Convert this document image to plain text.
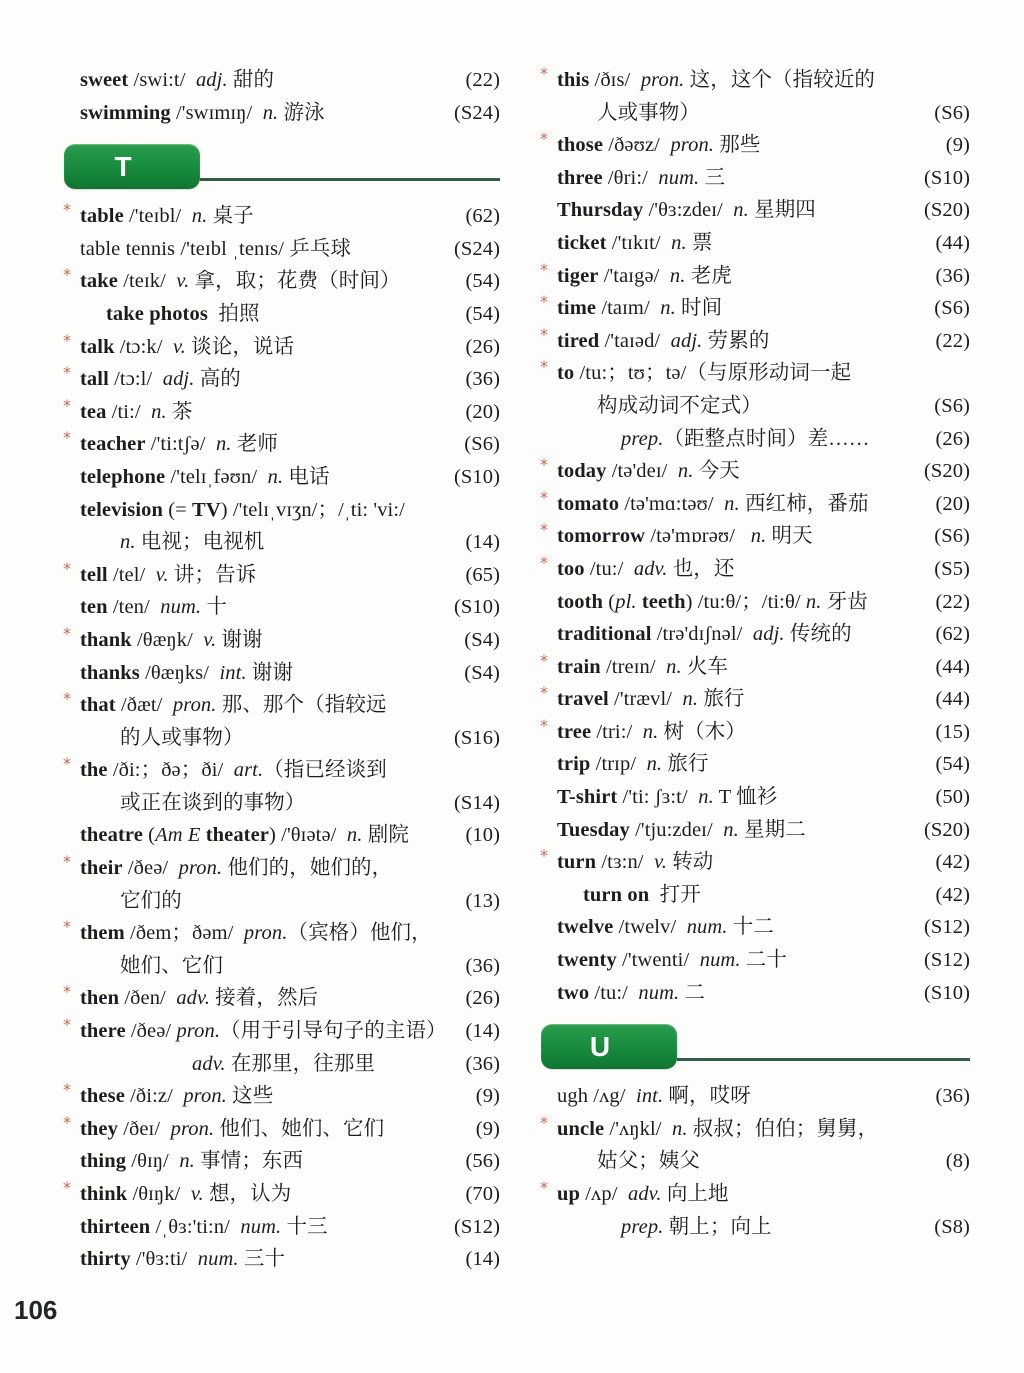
sweet /swi:t/  adj. 甜的	(22)
swimming /'swɪmɪŋ/  n. 游泳	(S24)
T
* table /'teɪbl/  n. 桌子	(62)
table tennis /'teɪbl ˌtenɪs/ 乒乓球	(S24)
* take /teɪk/  v. 拿，取；花费（时间）	(54)
take photos  拍照	(54)
* talk /tɔ:k/  v. 谈论，说话	(26)
* tall /tɔ:l/  adj. 高的	(36)
* tea /ti:/  n. 茶	(20)
* teacher /'ti:tʃə/  n. 老师	(S6)
telephone /'telɪˌfəʊn/  n. 电话	(S10)
television (= TV) /'telɪˌvɪʒn/；/ˌti: 'vi:/
n. 电视；电视机	(14)
* tell /tel/  v. 讲；告诉	(65)
ten /ten/  num. 十	(S10)
* thank /θæŋk/  v. 谢谢	(S4)
thanks /θæŋks/  int. 谢谢	(S4)
* that /ðæt/  pron. 那、那个（指较远
的人或事物）	(S16)
* the /ði:；ðə；ði/  art.（指已经谈到
或正在谈到的事物）	(S14)
theatre (Am E theater) /'θɪətə/  n. 剧院	(10)
* their /ðeə/  pron. 他们的，她们的，
它们的	(13)
* them /ðem；ðəm/  pron.（宾格）他们，
她们、它们	(36)
* then /ðen/  adv. 接着，然后	(26)
* there /ðeə/ pron.（用于引导句子的主语） (14)
adv. 在那里，往那里	(36)
* these /ði:z/  pron. 这些	(9)
* they /ðeɪ/  pron. 他们、她们、它们	(9)
thing /θɪŋ/  n. 事情；东西	(56)
* think /θɪŋk/  v. 想，认为	(70)
thirteen /ˌθɜ:'ti:n/  num. 十三	(S12)
thirty /'θɜ:ti/  num. 三十	(14)
* this /ðɪs/  pron. 这，这个（指较近的
人或事物）	(S6)
* those /ðəʊz/  pron. 那些	(9)
three /θri:/  num. 三	(S10)
Thursday /'θɜ:zdeɪ/  n. 星期四	(S20)
ticket /'tɪkɪt/  n. 票	(44)
* tiger /'taɪgə/  n. 老虎	(36)
* time /taɪm/  n. 时间	(S6)
* tired /'taɪəd/  adj. 劳累的	(22)
* to /tu:；tʊ；tə/（与原形动词一起
构成动词不定式）	(S6)
prep.（距整点时间）差……	(26)
* today /tə'deɪ/  n. 今天	(S20)
* tomato /tə'mɑ:təʊ/  n. 西红柿，番茄	(20)
* tomorrow /tə'mɒrəʊ/   n. 明天	(S6)
* too /tu:/  adv. 也，还	(S5)
tooth (pl. teeth) /tu:θ/；/ti:θ/ n. 牙齿	(22)
traditional /trə'dɪʃnəl/  adj. 传统的	(62)
* train /treɪn/  n. 火车	(44)
* travel /'trævl/  n. 旅行	(44)
* tree /tri:/  n. 树（木）	(15)
trip /trɪp/  n. 旅行	(54)
T-shirt /'ti: ʃɜ:t/  n. T 恤衫	(50)
Tuesday /'tju:zdeɪ/  n. 星期二	(S20)
* turn /tɜ:n/  v. 转动	(42)
turn on  打开	(42)
twelve /twelv/  num. 十二	(S12)
twenty /'twenti/  num. 二十	(S12)
two /tu:/  num. 二	(S10)
U
ugh /ʌg/  int. 啊，哎呀	(36)
* uncle /'ʌŋkl/  n. 叔叔；伯伯；舅舅，
姑父；姨父	(8)
* up /ʌp/  adv. 向上地
prep. 朝上；向上	(S8)
106
